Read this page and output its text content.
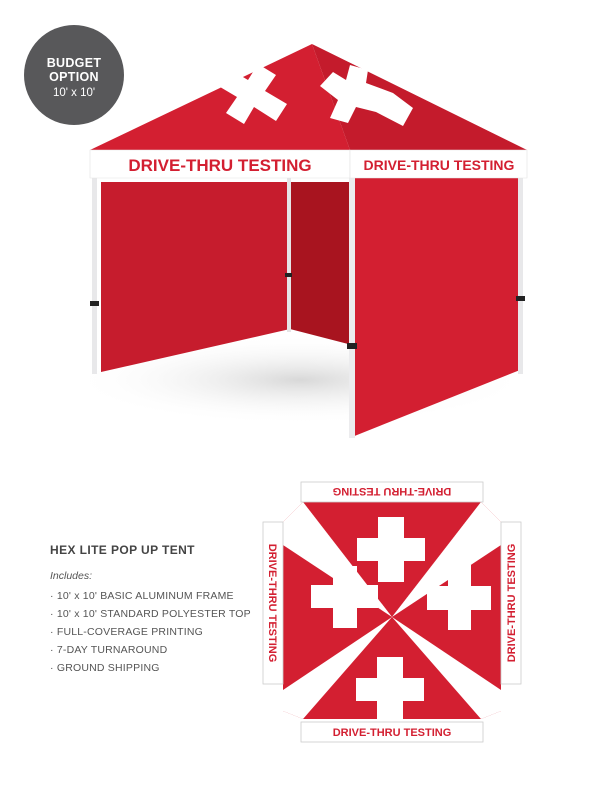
BUDGET
OPTION
10' x 10'
DRIVE-THRU TESTING	DRIVE-THRU TESTING
DRIVE-THRU TESTING
DRIVE-THRU TESTING
DRIVE-THRU TESTING	DRIVE-THRU TESTING
HEX LITE POP UP TENT
Includes:
· 10' x 10' BASIC ALUMINUM FRAME
· 10' x 10' STANDARD POLYESTER TOP
· FULL-COVERAGE PRINTING
· 7-DAY TURNAROUND
· GROUND SHIPPING
